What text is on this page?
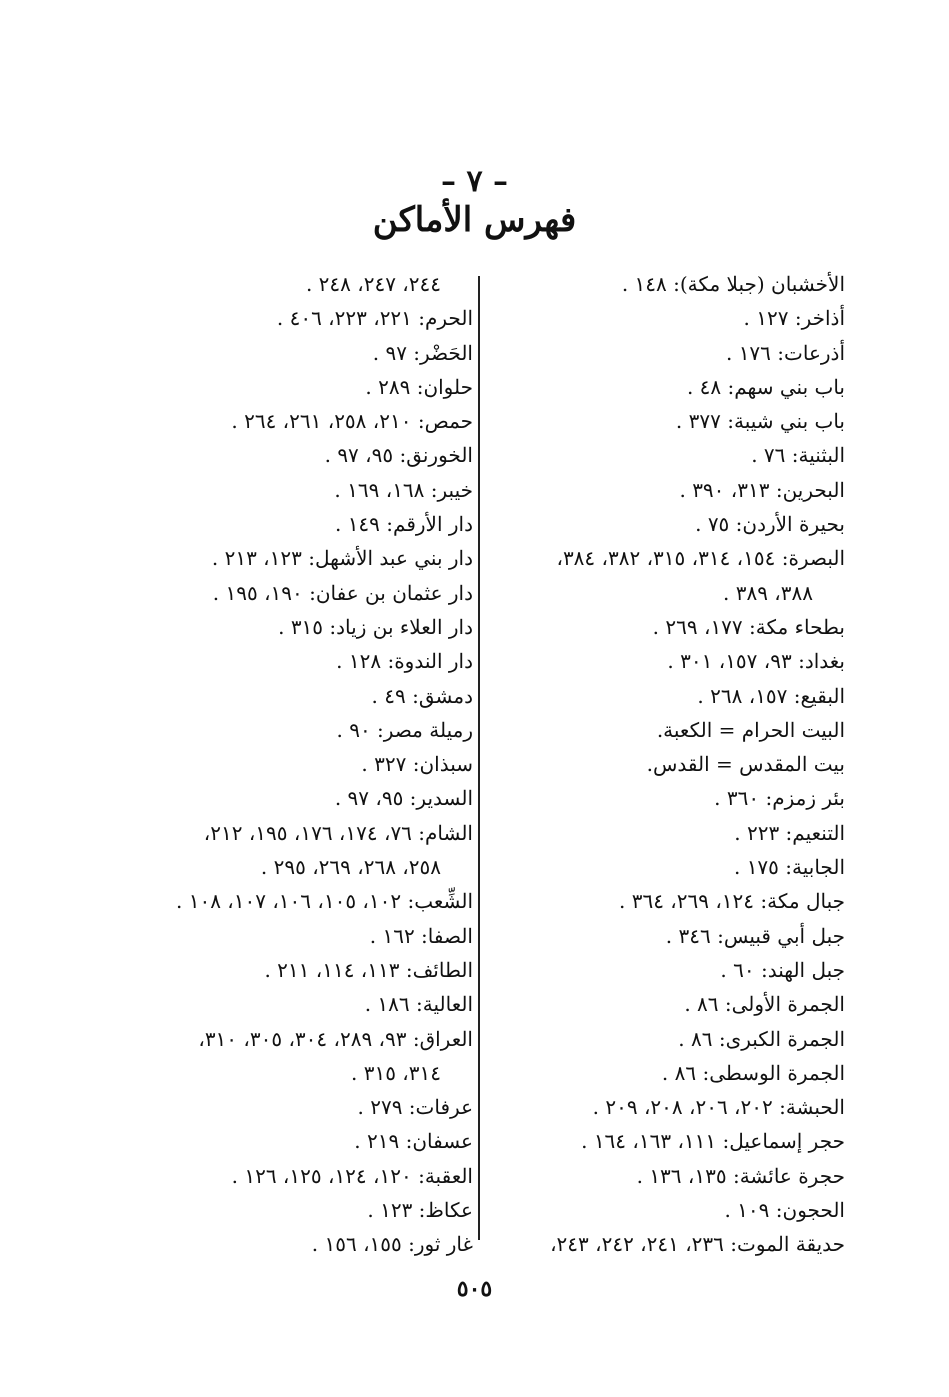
– ٧ –
فهرس الأماكن
الأخشبان (جبلا مكة): ١٤٨ .
أذاخر: ١٢٧ .
أذرعات: ١٧٦ .
باب بني سهم: ٤٨ .
باب بني شيبة: ٣٧٧ .
البثنية: ٧٦ .
البحرين: ٣١٣، ٣٩٠ .
بحيرة الأردن: ٧٥ .
البصرة: ١٥٤، ٣١٤، ٣١٥، ٣٨٢، ٣٨٤،
٣٨٨، ٣٨٩ .
بطحاء مكة: ١٧٧، ٢٦٩ .
بغداد: ٩٣، ١٥٧، ٣٠١ .
البقيع: ١٥٧، ٢٦٨ .
البيت الحرام = الكعبة.
بيت المقدس = القدس.
بئر زمزم: ٣٦٠ .
التنعيم: ٢٢٣ .
الجابية: ١٧٥ .
جبال مكة: ١٢٤، ٢٦٩، ٣٦٤ .
جبل أبي قبيس: ٣٤٦ .
جبل الهند: ٦٠ .
الجمرة الأولى: ٨٦ .
الجمرة الكبرى: ٨٦ .
الجمرة الوسطى: ٨٦ .
الحبشة: ٢٠٢، ٢٠٦، ٢٠٨، ٢٠٩ .
حجر إسماعيل: ١١١، ١٦٣، ١٦٤ .
حجرة عائشة: ١٣٥، ١٣٦ .
الحجون: ١٠٩ .
حديقة الموت: ٢٣٦، ٢٤١، ٢٤٢، ٢٤٣،
٢٤٤، ٢٤٧، ٢٤٨ .
الحرم: ٢٢١، ٢٢٣، ٤٠٦ .
الحَضْر: ٩٧ .
حلوان: ٢٨٩ .
حمص: ٢١٠، ٢٥٨، ٢٦١، ٢٦٤ .
الخورنق: ٩٥، ٩٧ .
خيبر: ١٦٨، ١٦٩ .
دار الأرقم: ١٤٩ .
دار بني عبد الأشهل: ١٢٣، ٢١٣ .
دار عثمان بن عفان: ١٩٠، ١٩٥ .
دار العلاء بن زياد: ٣١٥ .
دار الندوة: ١٢٨ .
دمشق: ٤٩ .
رميلة مصر: ٩٠ .
سبذان: ٣٢٧ .
السدير: ٩٥، ٩٧ .
الشام: ٧٦، ١٧٤، ١٧٦، ١٩٥، ٢١٢،
٢٥٨، ٢٦٨، ٢٦٩، ٢٩٥ .
الشِّعب: ١٠٢، ١٠٥، ١٠٦، ١٠٧، ١٠٨ .
الصفا: ١٦٢ .
الطائف: ١١٣، ١١٤، ٢١١ .
العالية: ١٨٦ .
العراق: ٩٣، ٢٨٩، ٣٠٤، ٣٠٥، ٣١٠،
٣١٤، ٣١٥ .
عرفات: ٢٧٩ .
عسفان: ٢١٩ .
العقبة: ١٢٠، ١٢٤، ١٢٥، ١٢٦ .
عكاظ: ١٢٣ .
غار ثور: ١٥٥، ١٥٦ .
٥٠٥
